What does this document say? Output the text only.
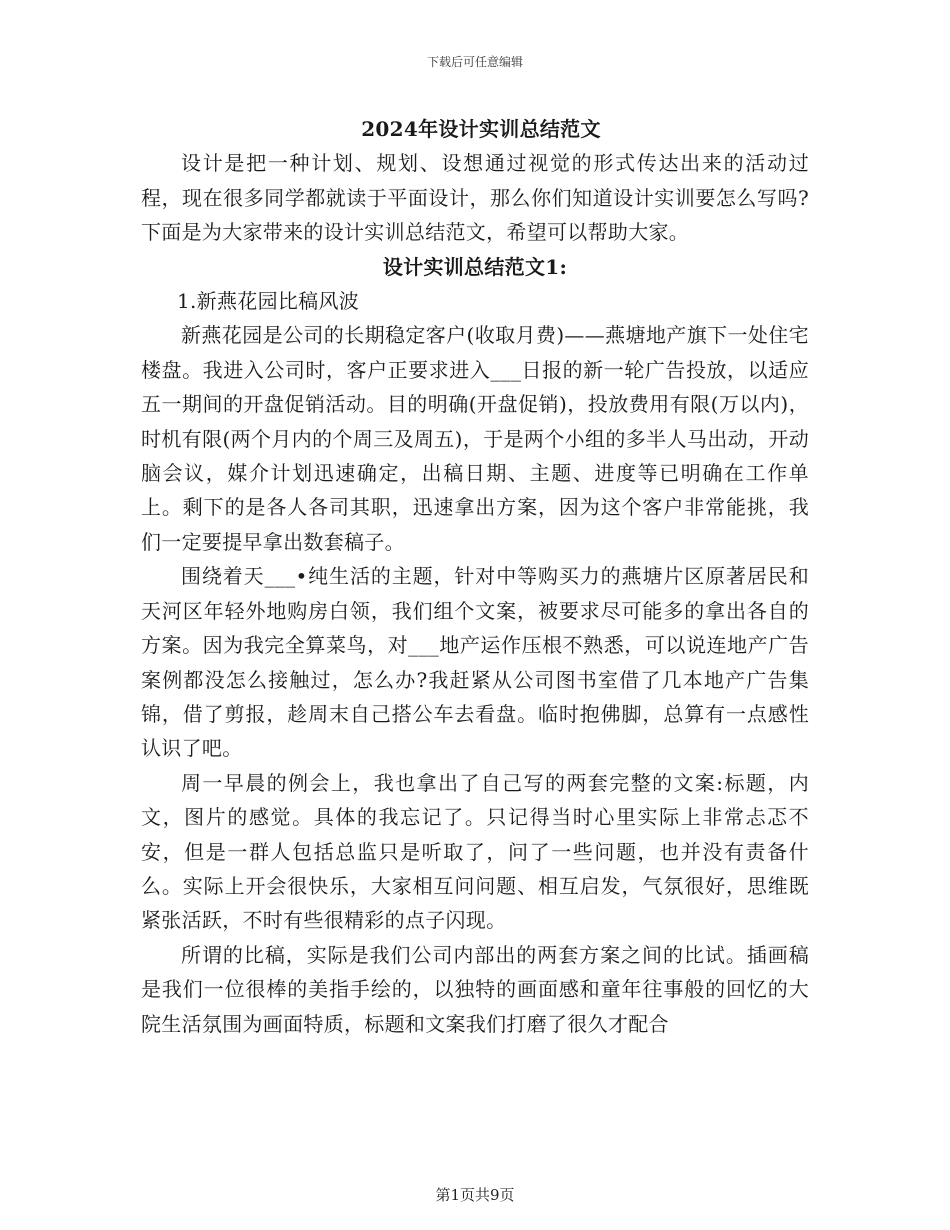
下载后可任意编辑
2024年设计实训总结范文

设计是把一种计划、规划、设想通过视觉的形式传达出来的活动过程，现在很多同学都就读于平面设计，那么你们知道设计实训要怎么写吗?下面是为大家带来的设计实训总结范文，希望可以帮助大家。

设计实训总结范文1:
1.新燕花园比稿风波

新燕花园是公司的长期稳定客户(收取月费)——燕塘地产旗下一处住宅楼盘。我进入公司时，客户正要求进入___日报的新一轮广告投放，以适应五一期间的开盘促销活动。目的明确(开盘促销)，投放费用有限(万以内)，时机有限(两个月内的个周三及周五)，于是两个小组的多半人马出动，开动脑会议，媒介计划迅速确定，出稿日期、主题、进度等已明确在工作单上。剩下的是各人各司其职，迅速拿出方案，因为这个客户非常能挑，我们一定要提早拿出数套稿子。

围绕着天___•纯生活的主题，针对中等购买力的燕塘片区原著居民和天河区年轻外地购房白领，我们组个文案，被要求尽可能多的拿出各自的方案。因为我完全算菜鸟，对___地产运作压根不熟悉，可以说连地产广告案例都没怎么接触过，怎么办?我赶紧从公司图书室借了几本地产广告集锦，借了剪报，趁周末自己搭公车去看盘。临时抱佛脚，总算有一点感性认识了吧。

周一早晨的例会上，我也拿出了自己写的两套完整的文案:标题，内文，图片的感觉。具体的我忘记了。只记得当时心里实际上非常忐忑不安，但是一群人包括总监只是听取了，问了一些问题，也并没有责备什么。实际上开会很快乐，大家相互问问题、相互启发，气氛很好，思维既紧张活跃，不时有些很精彩的点子闪现。

所谓的比稿，实际是我们公司内部出的两套方案之间的比试。插画稿是我们一位很棒的美指手绘的，以独特的画面感和童年往事般的回忆的大院生活氛围为画面特质，标题和文案我们打磨了很久才配合

第1页共9页
